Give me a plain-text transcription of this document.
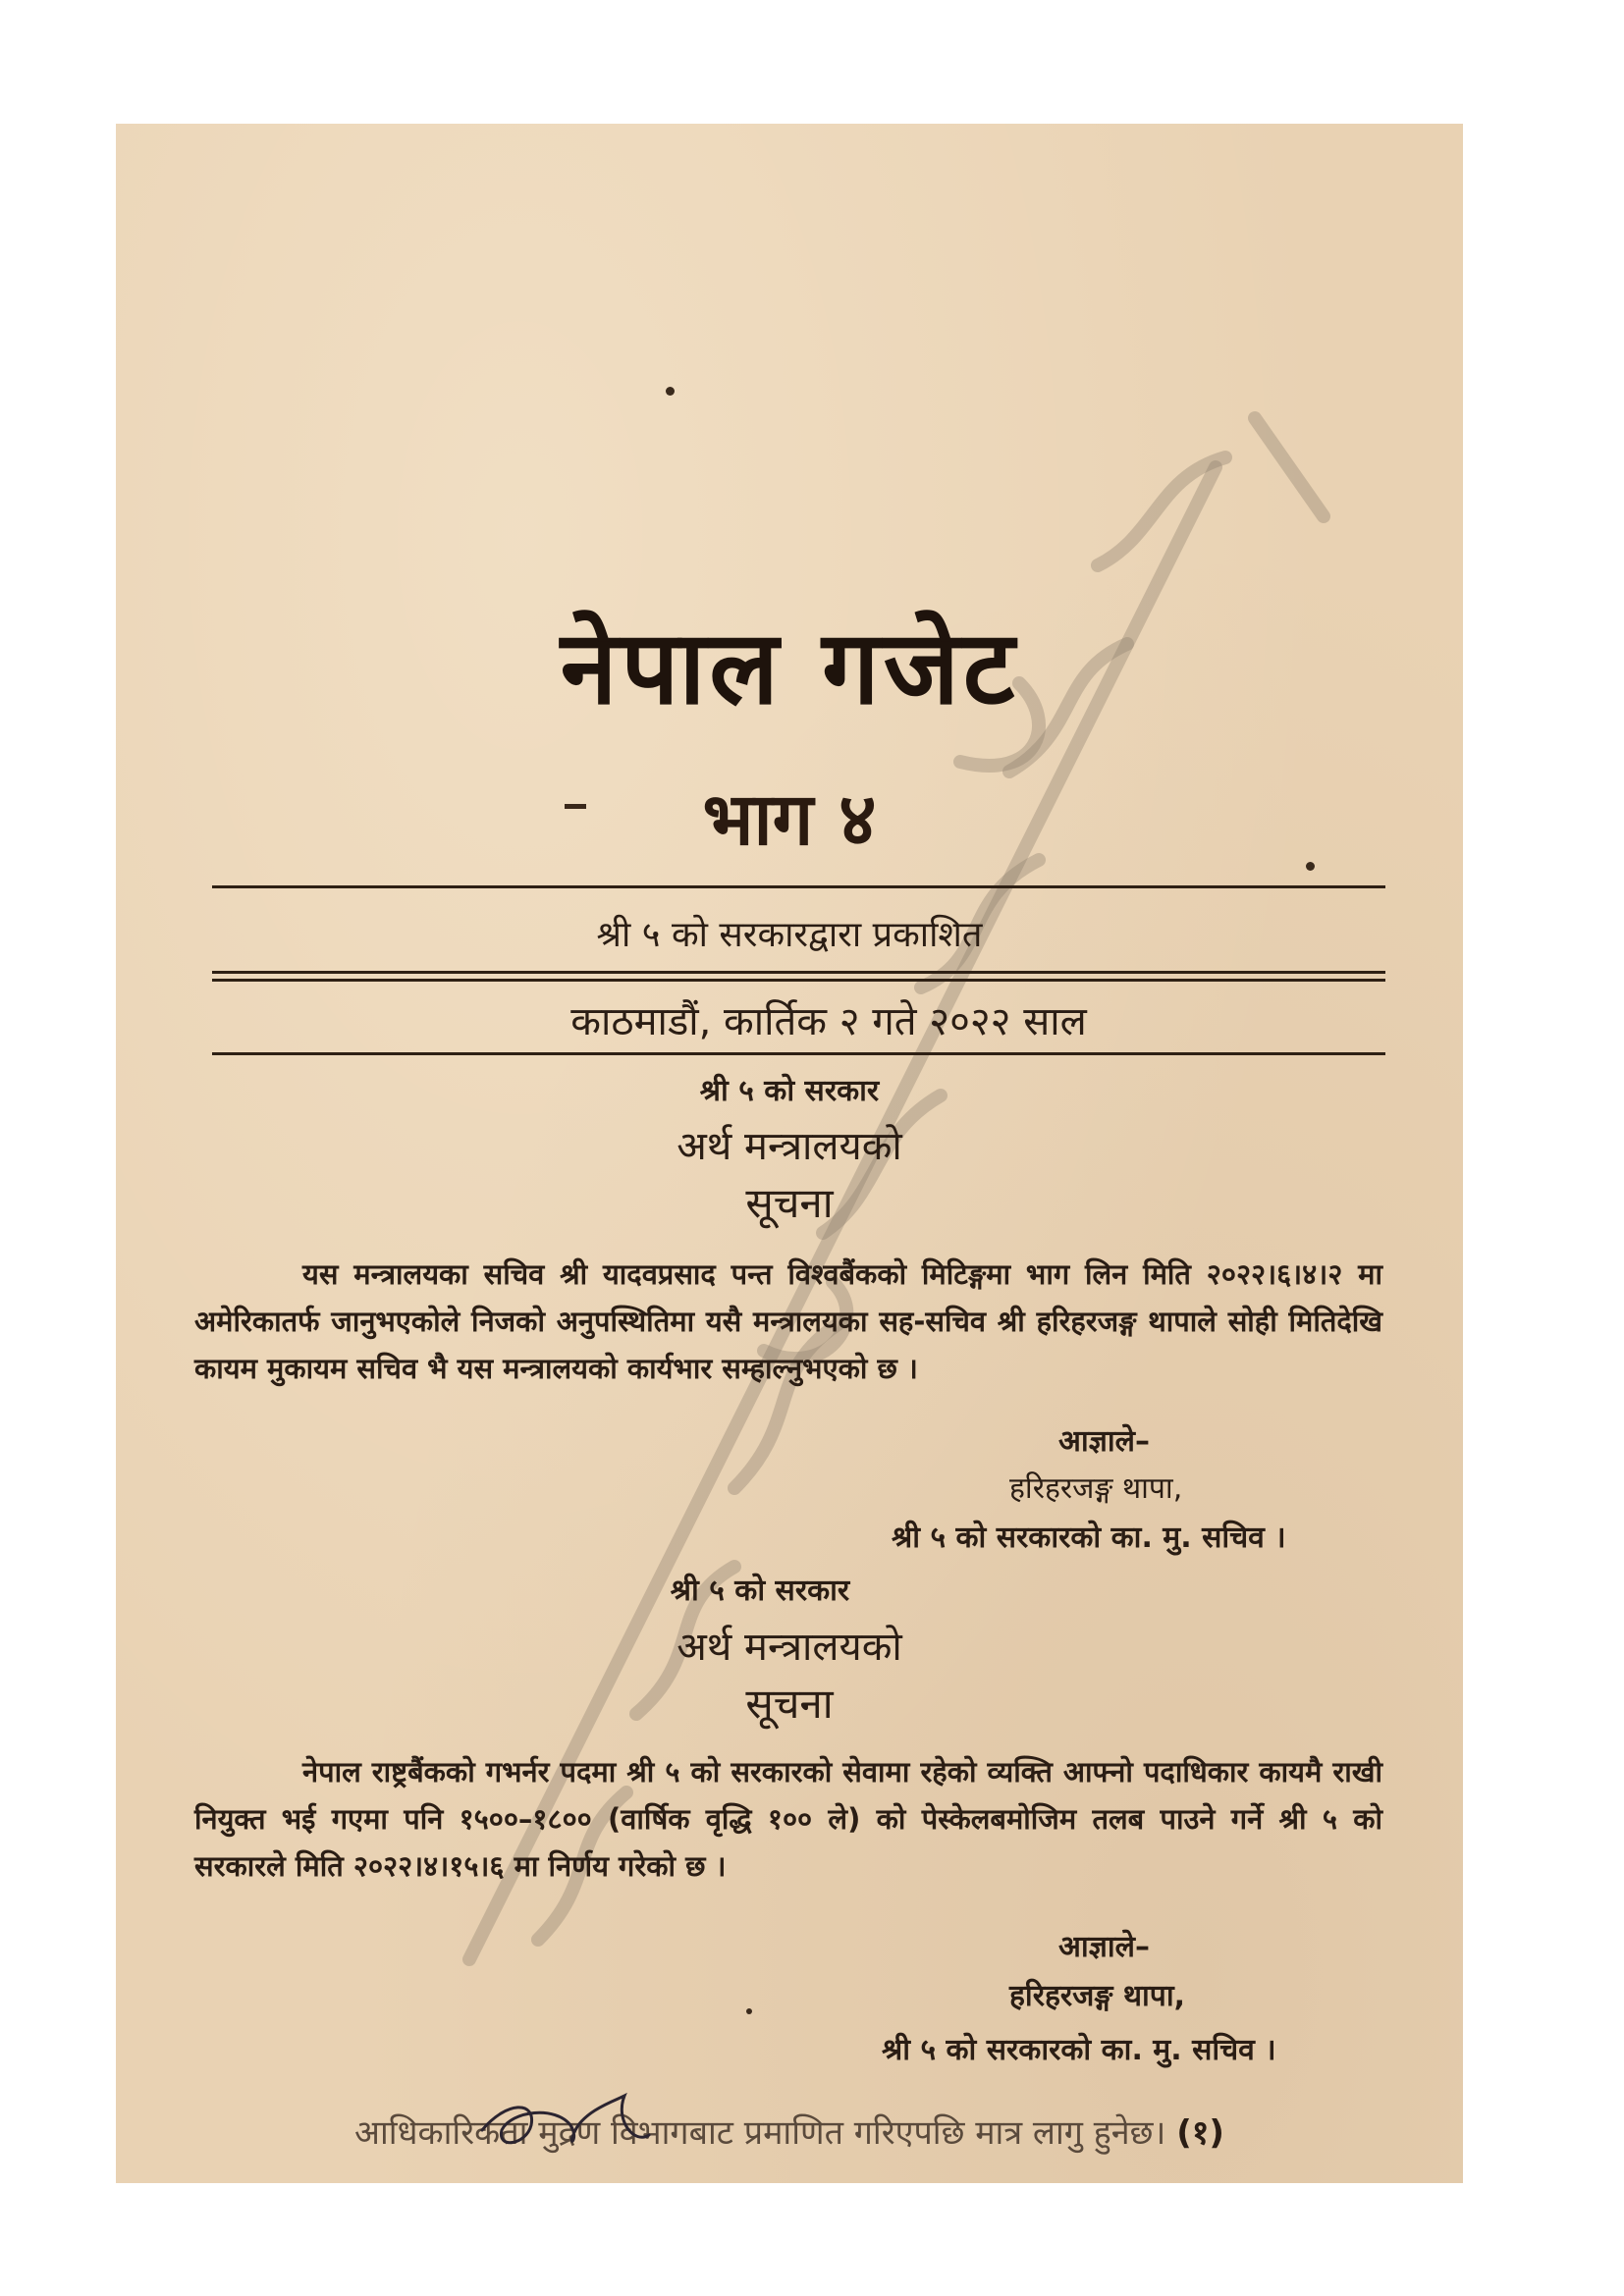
नेपाल गजेट
भाग ४
श्री ५ को सरकारद्वारा प्रकाशित
काठमाडौं, कार्तिक २ गते २०२२ साल
श्री ५ को सरकार
अर्थ मन्त्रालयको
सूचना
यस मन्त्रालयका सचिव श्री यादवप्रसाद पन्त विश्वबैंकको मिटिङ्गमा भाग लिन मिति २०२२।६।४।२ मा अमेरिकातर्फ जानुभएकोले निजको अनुपस्थितिमा यसै मन्त्रालयका सह-सचिव श्री हरिहरजङ्ग थापाले सोही मितिदेखि कायम मुकायम सचिव भै यस मन्त्रालयको कार्यभार सम्हाल्नुभएको छ ।
आज्ञाले–
हरिहरजङ्ग थापा,
श्री ५ को सरकारको का. मु. सचिव ।
श्री ५ को सरकार
अर्थ मन्त्रालयको
सूचना
नेपाल राष्ट्रबैंकको गभर्नर पदमा श्री ५ को सरकारको सेवामा रहेको व्यक्ति आफ्नो पदाधिकार कायमै राखी नियुक्त भई गएमा पनि १५००–१८०० (वार्षिक वृद्धि १०० ले) को पेस्केलबमोजिम तलब पाउने गर्ने श्री ५ को सरकारले मिति २०२२।४।१५।६ मा निर्णय गरेको छ ।
आज्ञाले–
हरिहरजङ्ग थापा,
श्री ५ को सरकारको का. मु. सचिव ।
आधिकारिकता मुद्रण विभागबाट प्रमाणित गरिएपछि मात्र लागु हुनेछ। (१)
